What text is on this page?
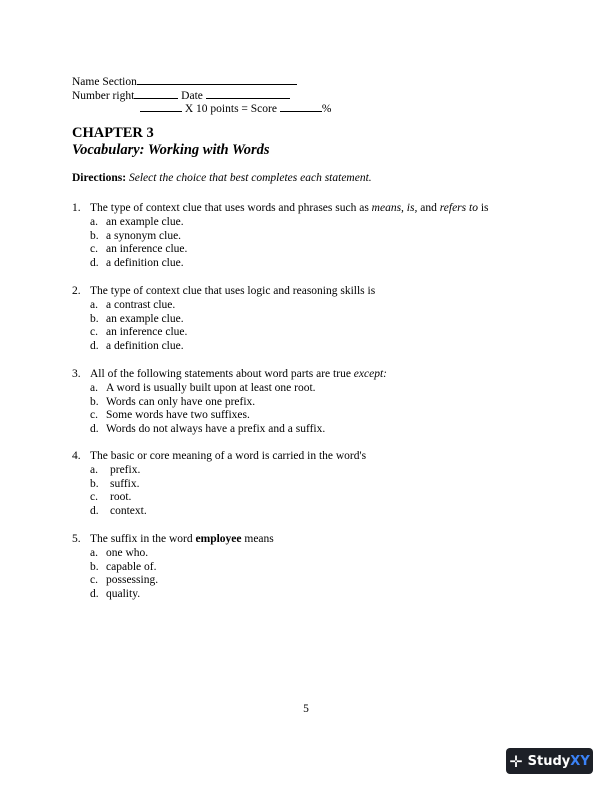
Name Section
Number right	Date
X 10 points = Score	%
CHAPTER 3
Vocabulary: Working with Words
Directions: Select the choice that best completes each statement.
1. The type of context clue that uses words and phrases such as means, is, and refers to is
a. an example clue.
b. a synonym clue.
c. an inference clue.
d. a definition clue.
2. The type of context clue that uses logic and reasoning skills is
a. a contrast clue.
b. an example clue.
c. an inference clue.
d. a definition clue.
3. All of the following statements about word parts are true except:
a. A word is usually built upon at least one root.
b. Words can only have one prefix.
c. Some words have two suffixes.
d. Words do not always have a prefix and a suffix.
4. The basic or core meaning of a word is carried in the word's
a.	prefix.
b. suffix.
c.	root.
d. context.
5. The suffix in the word employee means
a. one who.
b. capable of.
c. possessing.
d. quality.
5
✛ Study XY
